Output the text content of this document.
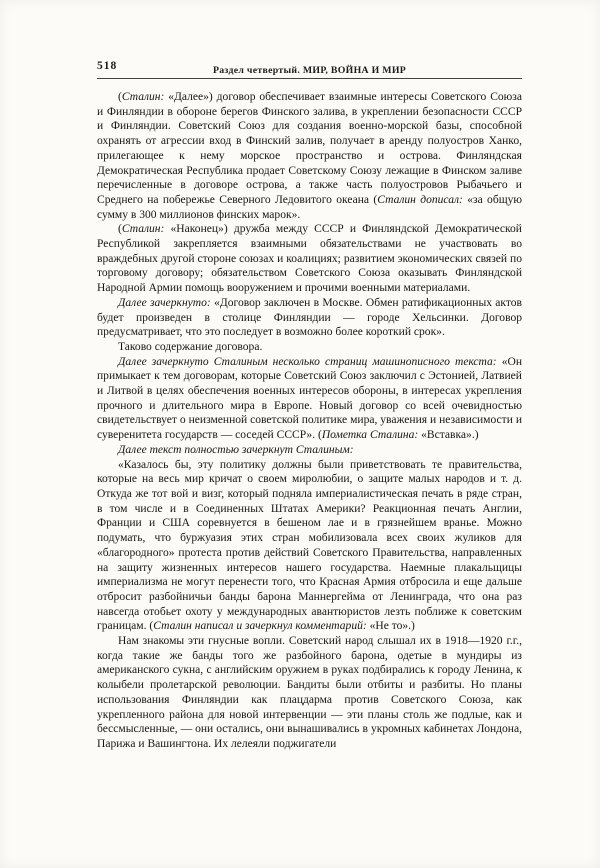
518	Раздел четвертый. МИР, ВОЙНА И МИР

(Сталин: «Далее») договор обеспечивает взаимные интересы Советского Союза и Финляндии в обороне берегов Финского залива, в укреплении безопасности СССР и Финляндии. Советский Союз для создания военно-морской базы, способной охранять от агрессии вход в Финский залив, получает в аренду полуостров Ханко, прилегающее к нему морское пространство и острова. Финляндская Демократическая Республика продает Советскому Союзу лежащие в Финском заливе перечисленные в договоре острова, а также часть полуостровов Рыбачьего и Среднего на побережье Северного Ледовитого океана (Сталин дописал: «за общую сумму в 300 миллионов финских марок».

(Сталин: «Наконец») дружба между СССР и Финляндской Демократической Республикой закрепляется взаимными обязательствами не участвовать во враждебных другой стороне союзах и коалициях; развитием экономических связей по торговому договору; обязательством Советского Союза оказывать Финляндской Народной Армии помощь вооружением и прочими военными материалами.

Далее зачеркнуто: «Договор заключен в Москве. Обмен ратификационных актов будет произведен в столице Финляндии — городе Хельсинки. Договор предусматривает, что это последует в возможно более короткий срок».

Таково содержание договора.

Далее зачеркнуто Сталиным несколько страниц машинописного текста: «Он примыкает к тем договорам, которые Советский Союз заключил с Эстонией, Латвией и Литвой в целях обеспечения военных интересов обороны, в интересах укрепления прочного и длительного мира в Европе. Новый договор со всей очевидностью свидетельствует о неизменной советской политике мира, уважения и независимости и суверенитета государств — соседей СССР». (Пометка Сталина: «Вставка».)

Далее текст полностью зачеркнут Сталиным:

«Казалось бы, эту политику должны были приветствовать те правительства, которые на весь мир кричат о своем миролюбии, о защите малых народов и т. д. Откуда же тот вой и визг, который подняла империалистическая печать в ряде стран, в том числе и в Соединенных Штатах Америки? Реакционная печать Англии, Франции и США соревнуется в бешеном лае и в грязнейшем вранье. Можно подумать, что буржуазия этих стран мобилизовала всех своих жуликов для «благородного» протеста против действий Советского Правительства, направленных на защиту жизненных интересов нашего государства. Наемные плакальщицы империализма не могут перенести того, что Красная Армия отбросила и еще дальше отбросит разбойничьи банды барона Маннергейма от Ленинграда, что она раз навсегда отобьет охоту у международных авантюристов лезть поближе к советским границам. (Сталин написал и зачеркнул комментарий: «Не то».)

Нам знакомы эти гнусные вопли. Советский народ слышал их в 1918—1920 г.г., когда такие же банды того же разбойного барона, одетые в мундиры из американского сукна, с английским оружием в руках подбирались к городу Ленина, к колыбели пролетарской революции. Бандиты были отбиты и разбиты. Но планы использования Финляндии как плацдарма против Советского Союза, как укрепленного района для новой интервенции — эти планы столь же подлые, как и бессмысленные, — они остались, они вынашивались в укромных кабинетах Лондона, Парижа и Вашингтона. Их лелеяли поджигатели
